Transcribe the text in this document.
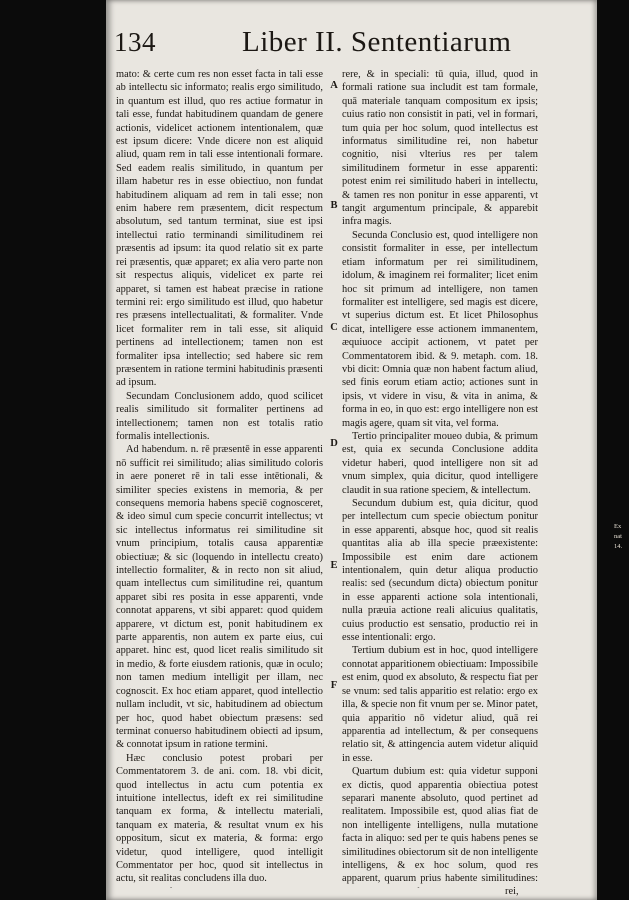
134	Liber II. Sententiarum

mato: & certe cum res non esset facta in tali esse ab intellectu sic informato; realis ergo similitudo, in quantum est illud, quo res actiue formatur in tali esse, fundat habitudinem quandam de genere actionis, videlicet actionem intentionalem, quæ est ipsum dicere: Vnde dicere non est aliquid aliud, quam rem in tali esse intentionali formare. Sed eadem realis similitudo, in quantum per illam habetur res in esse obiectiuo, non fundat habitudinem aliquam ad rem in tali esse; non enim habere rem præsentem, dicit respectum absolutum, sed tantum terminat, siue est ipsi intellectui ratio terminandi similitudinem rei præsentis ad ipsum: ita quod relatio sit ex parte rei præsentis, quæ apparet; ex alia vero parte non sit respectus aliquis, videlicet ex parte rei apparet, si tamen est habeat præcise in ratione termini rei: ergo similitudo est illud, quo habetur res præsens intellectualitati, & formaliter. Vnde licet formaliter rem in tali esse, sit aliquid pertinens ad intellectionem; tamen non est formaliter ipsa intellectio; sed habere sic rem præsentem in ratione termini habitudinis præsenti ad ipsum.

Secundam Conclusionem addo, quod scilicet realis similitudo sit formaliter pertinens ad intellectionem; tamen non est totalis ratio formalis intellectionis.

Ad habendum. n. rē præsentē in esse apparenti nō sufficit rei similitudo; alias similitudo coloris in aere poneret rē in tali esse intētionali, & similiter species existens in memoria, & per consequens memoria habens speciē cognosceret, & ideo simul cum specie concurrit intellectus; vt sic intellectus informatus rei similitudine sit vnum principium, totalis causa apparentiæ obiectiuæ; & sic (loquendo in intellectu creato) intellectio formaliter, & in recto non sit aliud, quam intellectus cum similitudine rei, quantum apparet sibi res posita in esse apparenti, vnde connotat apparens, vt sibi apparet: quod quidem apparere, vt dictum est, ponit habitudinem ex parte apparentis, non autem ex parte eius, cui apparet. hinc est, quod licet realis similitudo sit in medio, & forte eiusdem rationis, quæ in oculo; non tamen medium intelligit per illam, nec cognoscit. Ex hoc etiam apparet, quod intellectio nullam includit, vt sic, habitudinem ad obiectum per hoc, quod habet obiectum præsens: sed terminat conuerso habitudinem obiecti ad ipsum, & connotat ipsum in ratione termini.

Hæc conclusio potest probari per Commentatorem 3. de ani. com. 18. vbi dicit, quod intellectus in actu cum potentia ex intuitione intellectus, ideft ex rei similitudine tanquam ex forma, & intellectu materiali, tanquam ex materia, & resultat vnum ex his oppositum, sicut ex materia, & forma: ergo videtur, quod intelligere, quod intelligit Commentator per hoc, quod sit intellectus in actu, sit realitas concludens illa duo.

A
B
C
D
E
F

rere, & in speciali: tū quia, illud, quod in formali ratione sua includit est tam formale, quā materiale tanquam compositum ex ipsis; cuius ratio non consistit in pati, vel in formari, tum quia per hoc solum, quod intellectus est informatus similitudine rei, non habetur cognitio, nisi vlterius res per talem similitudinem formetur in esse apparenti: potest enim rei similitudo haberi in intellectu, & tamen res non ponitur in esse apparenti, vt tangit argumentum principale, & apparebit infra magis.

Secunda Conclusio est, quod intelligere non consistit formaliter in esse, per intellectum etiam informatum per rei similitudinem, idolum, & imaginem rei formaliter; licet enim hoc sit primum ad intelligere, non tamen formaliter est intelligere, sed magis est dicere, vt superius dictum est. Et licet Philosophus dicat, intelligere esse actionem immanentem, æquiuoce accipit actionem, vt patet per Commentatorem ibid. & 9. metaph. com. 18. vbi dicit: Omnia quæ non habent factum aliud, sed finis eorum etiam actio; actiones sunt in ipsis, vt videre in visu, & vita in anima, & forma in eo, in quo est: ergo intelligere non est magis agere, quam sit vita, vel forma.

Tertio principaliter moueo dubia, & primum est, quia ex secunda Conclusione addita videtur haberi, quod intelligere non sit ad vnum simplex, quia dicitur, quod intelligere claudit in sua ratione speciem, & intellectum.

Secundum dubium est, quia dicitur, quod per intellectum cum specie obiectum ponitur in esse apparenti, absque hoc, quod sit realis quantitas alia ab illa specie præexistente: Impossibile est enim dare actionem intentionalem, quin detur aliqua productio realis: sed (secundum dicta) obiectum ponitur in esse apparenti actione sola intentionali, nulla præuia actione reali alicuius qualitatis, cuius productio est sensatio, productio rei in esse intentionali: ergo.

Tertium dubium est in hoc, quod intelligere connotat apparitionem obiectiuam: Impossibile est enim, quod ex absoluto, & respectu fiat per se vnum: sed talis apparitio est relatio: ergo ex illa, & specie non fit vnum per se. Minor patet, quia apparitio nō videtur aliud, quā rei apparentia ad intellectum, & per consequens relatio sit, & attingencia autem videtur aliquid in esse.

Quartum dubium est: quia videtur supponi ex dictis, quod apparentia obiectiua potest separari manente absoluto, quod pertinet ad realitatem. Impossibile est, quod alias fiat de non intelligente intelligens, nulla mutatione facta in aliquo: sed per te quis habens penes se similitudines obiectorum sit de non intelligente intelligens, & ex hoc solum, quod res apparent, quarum prius habente similitudines:

rei,
Ex
nat
14.
